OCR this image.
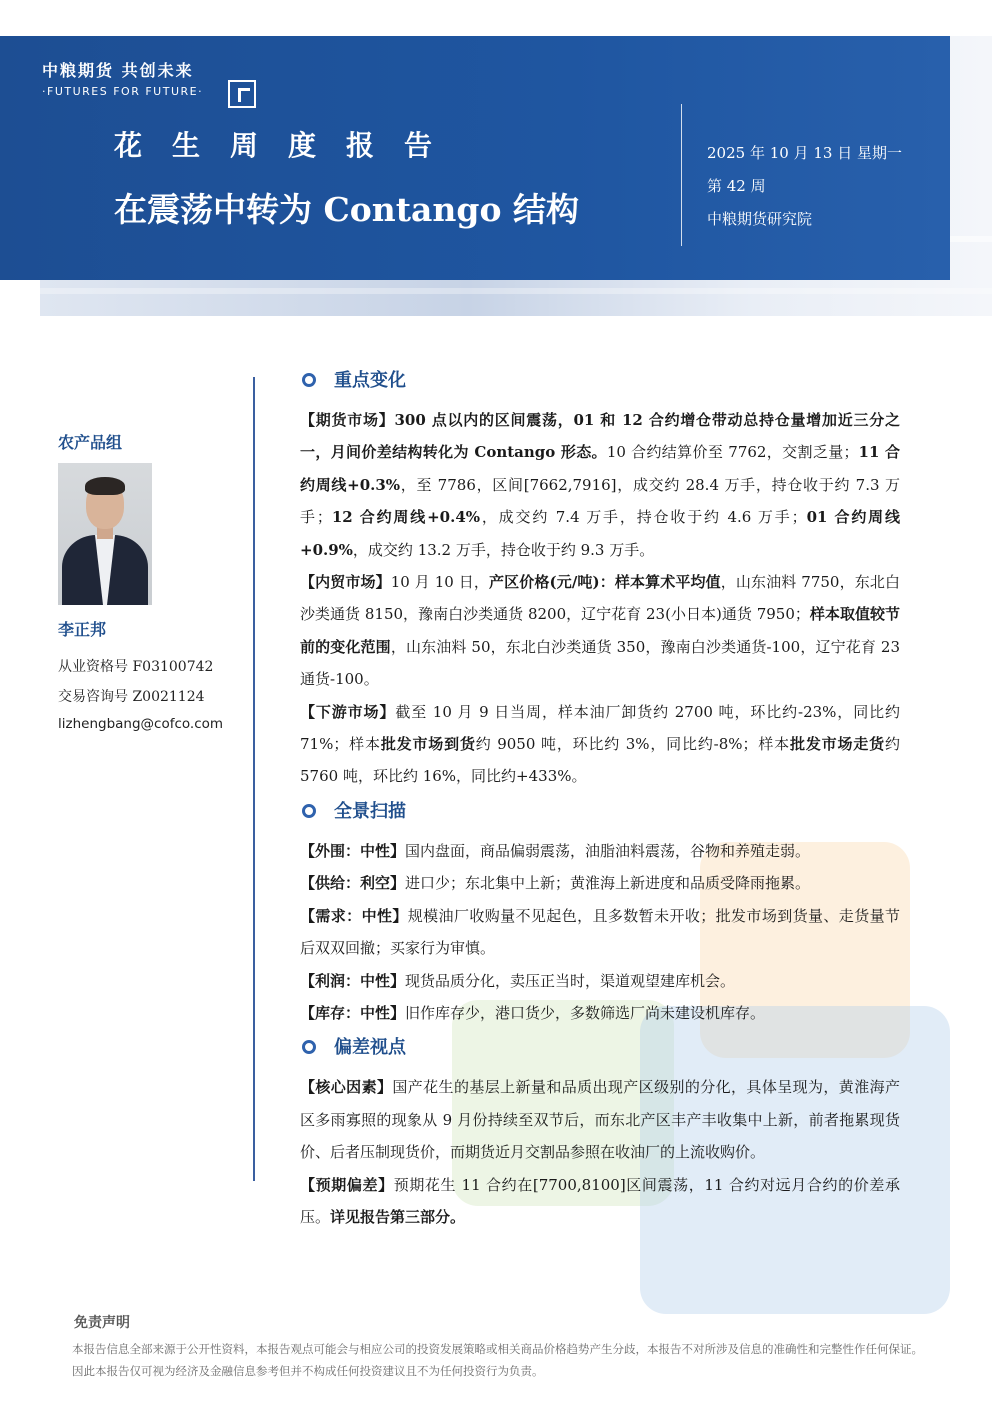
中粮期货 共创未来
·FUTURES FOR FUTURE·
花生周度报告
在震荡中转为 Contango 结构
2025 年 10 月 13 日 星期一
第 42 周
中粮期货研究院
农产品组
李正邦
从业资格号 F03100742
交易咨询号 Z0021124
lizhengbang@cofco.com
重点变化
【期货市场】300 点以内的区间震荡，01 和 12 合约增仓带动总持仓量增加近三分之一，月间价差结构转化为 Contango 形态。10 合约结算价至 7762，交割乏量；11 合约周线+0.3%，至 7786，区间[7662,7916]，成交约 28.4 万手，持仓收于约 7.3 万手；12 合约周线+0.4%，成交约 7.4 万手，持仓收于约 4.6 万手；01 合约周线+0.9%，成交约 13.2 万手，持仓收于约 9.3 万手。
【内贸市场】10 月 10 日，产区价格(元/吨)：样本算术平均值，山东油料 7750，东北白沙类通货 8150，豫南白沙类通货 8200，辽宁花育 23(小日本)通货 7950；样本取值较节前的变化范围，山东油料 50，东北白沙类通货 350，豫南白沙类通货-100，辽宁花育 23 通货-100。
【下游市场】截至 10 月 9 日当周，样本油厂卸货约 2700 吨，环比约-23%，同比约 71%；样本批发市场到货约 9050 吨，环比约 3%，同比约-8%；样本批发市场走货约 5760 吨，环比约 16%，同比约+433%。
全景扫描
【外围：中性】国内盘面，商品偏弱震荡，油脂油料震荡，谷物和养殖走弱。
【供给：利空】进口少；东北集中上新；黄淮海上新进度和品质受降雨拖累。
【需求：中性】规模油厂收购量不见起色，且多数暂未开收；批发市场到货量、走货量节后双双回撤；买家行为审慎。
【利润：中性】现货品质分化，卖压正当时，渠道观望建库机会。
【库存：中性】旧作库存少，港口货少，多数筛选厂尚未建设机库存。
偏差视点
【核心因素】国产花生的基层上新量和品质出现产区级别的分化，具体呈现为，黄淮海产区多雨寡照的现象从 9 月份持续至双节后，而东北产区丰产丰收集中上新，前者拖累现货价、后者压制现货价，而期货近月交割品参照在收油厂的上流收购价。
【预期偏差】预期花生 11 合约在[7700,8100]区间震荡，11 合约对远月合约的价差承压。详见报告第三部分。
免责声明
本报告信息全部来源于公开性资料，本报告观点可能会与相应公司的投资发展策略或相关商品价格趋势产生分歧，本报告不对所涉及信息的准确性和完整性作任何保证。因此本报告仅可视为经济及金融信息参考但并不构成任何投资建议且不为任何投资行为负责。
